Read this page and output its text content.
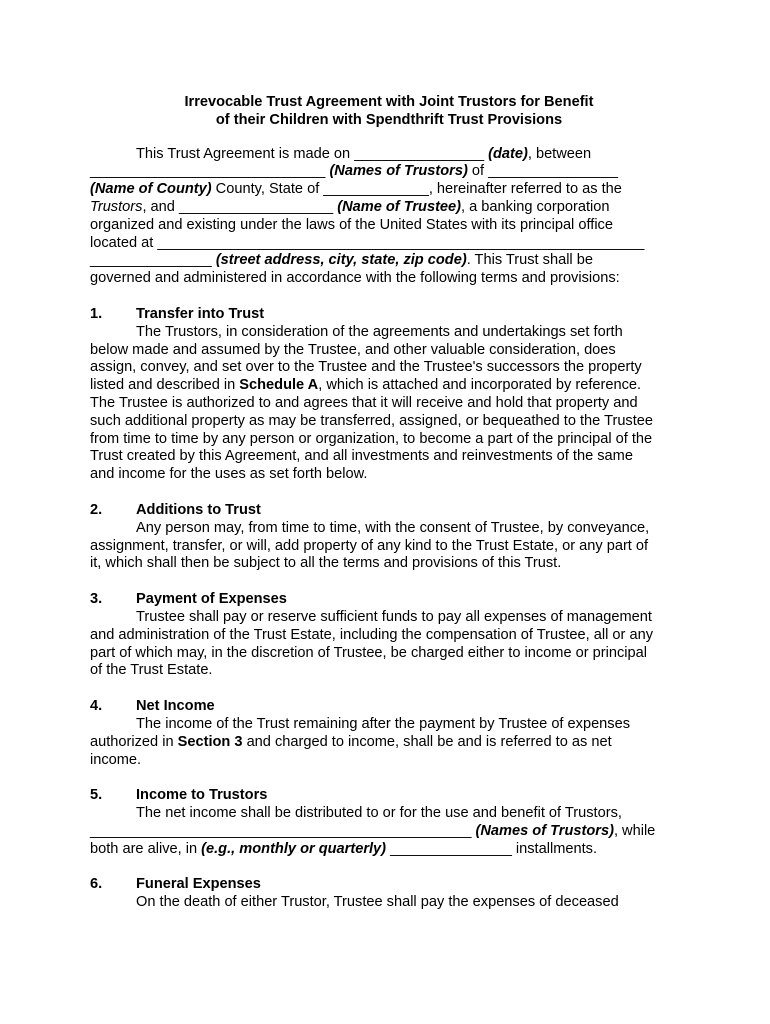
Irrevocable Trust Agreement with Joint Trustors for Benefit
of their Children with Spendthrift Trust Provisions
This Trust Agreement is made on ________________ (date), between
_____________________________ (Names of Trustors) of ________________
(Name of County) County, State of _____________, hereinafter referred to as the
Trustors, and ___________________ (Name of Trustee), a banking corporation
organized and existing under the laws of the United States with its principal office
located at ____________________________________________________________
_______________ (street address, city, state, zip code). This Trust shall be
governed and administered in accordance with the following terms and provisions:
1. Transfer into Trust
The Trustors, in consideration of the agreements and undertakings set forth
below made and assumed by the Trustee, and other valuable consideration, does
assign, convey, and set over to the Trustee and the Trustee's successors the property
listed and described in Schedule A, which is attached and incorporated by reference.
The Trustee is authorized to and agrees that it will receive and hold that property and
such additional property as may be transferred, assigned, or bequeathed to the Trustee
from time to time by any person or organization, to become a part of the principal of the
Trust created by this Agreement, and all investments and reinvestments of the same
and income for the uses as set forth below.
2. Additions to Trust
Any person may, from time to time, with the consent of Trustee, by conveyance,
assignment, transfer, or will, add property of any kind to the Trust Estate, or any part of
it, which shall then be subject to all the terms and provisions of this Trust.
3. Payment of Expenses
Trustee shall pay or reserve sufficient funds to pay all expenses of management
and administration of the Trust Estate, including the compensation of Trustee, all or any
part of which may, in the discretion of Trustee, be charged either to income or principal
of the Trust Estate.
4. Net Income
The income of the Trust remaining after the payment by Trustee of expenses
authorized in Section 3 and charged to income, shall be and is referred to as net
income.
5. Income to Trustors
The net income shall be distributed to or for the use and benefit of Trustors,
_______________________________________________ (Names of Trustors), while
both are alive, in (e.g., monthly or quarterly) _______________ installments.
6. Funeral Expenses
On the death of either Trustor, Trustee shall pay the expenses of deceased
